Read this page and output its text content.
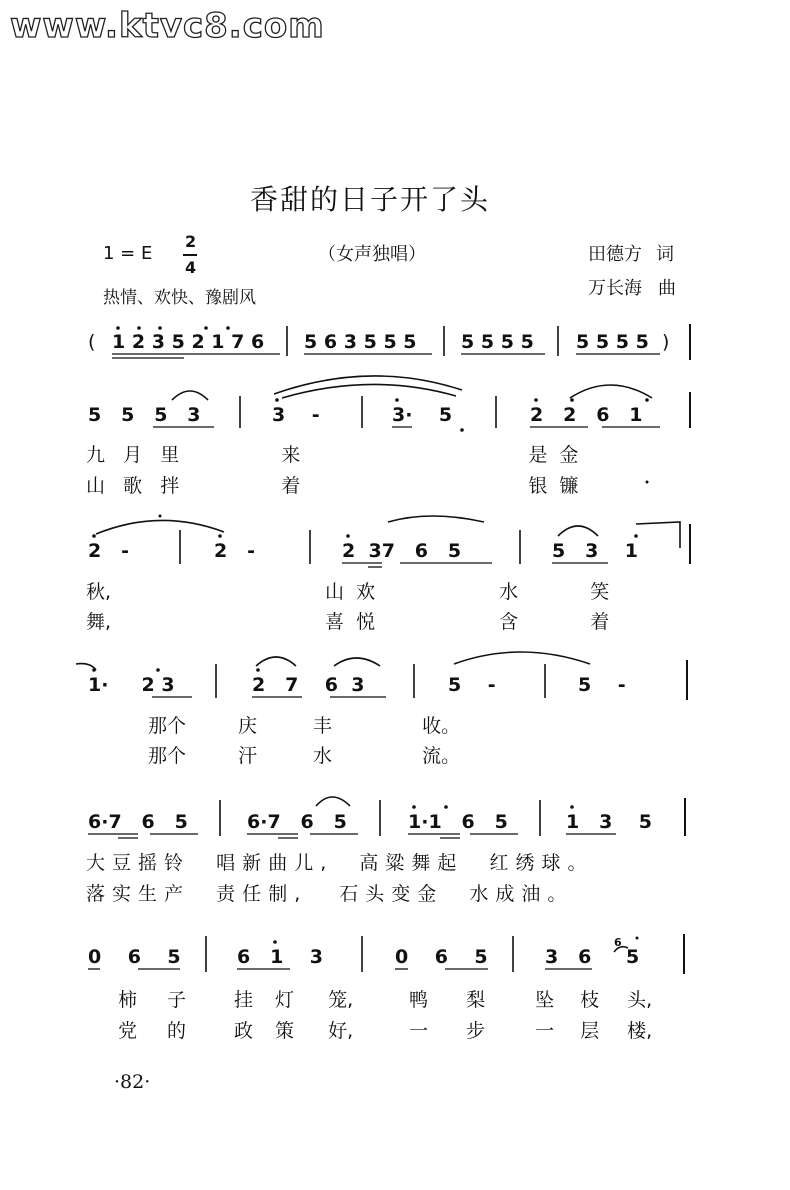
www.ktvc8.com
香甜的日子开了头
1 = E
2
4
（女声独唱）
热情、欢快、豫剧风
田德方 词
万长海 曲
( 1 2 3 5 2 1 7 6 5 6 3 5 5 5 5 5 5 5 5 5 5 5 )
5 5 5 3	3 -	3· 5	2 2 6 1
九 月 里	来	是 金
山 歌 拌	着	银 镰
2 -	2 -	2 37 6 5	5 3 1
秋,	山 欢	水	笑
舞,	喜 悦	含	着
1· 2 3	2 7 6 3	5 -	5 -
那个	庆	丰	收。
那个	汗	水	流。
6·7 6 5	6·7 6 5	1·1 6 5	1 3 5
大豆摇铃 唱新曲儿, 高粱舞起 红绣球。
落实生产 责任制, 石头变金 水成油。
0 6 5	6 1 3	0 6 5	3 6
6
5
柿 子	挂 灯 笼,	鸭 梨	坠 枝 头,
党 的	政 策 好,	一 步	一 层 楼,
·82·
